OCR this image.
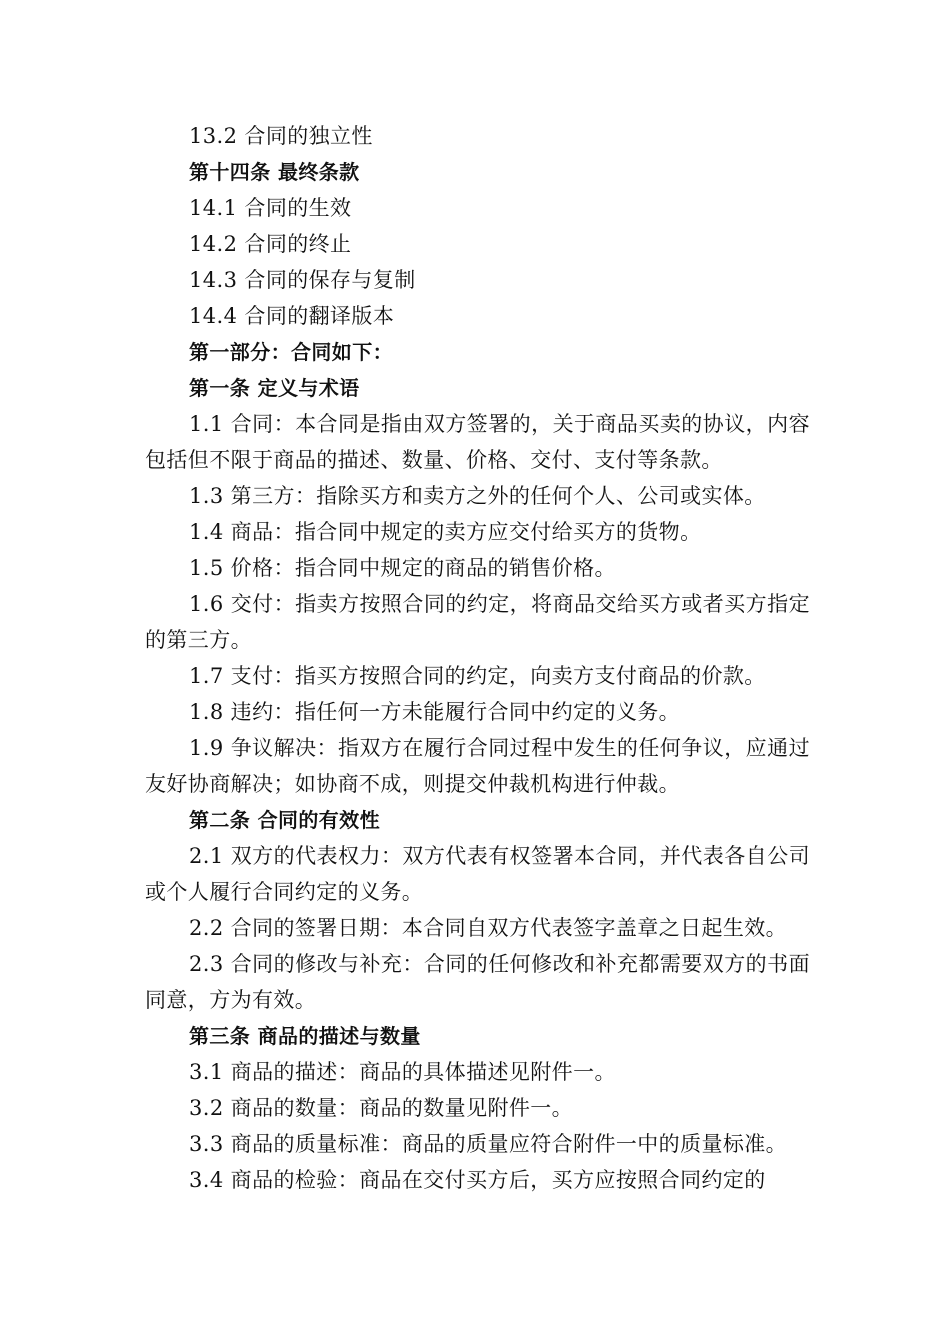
13.2 合同的独立性
第十四条 最终条款
14.1 合同的生效
14.2 合同的终止
14.3 合同的保存与复制
14.4 合同的翻译版本
第一部分：合同如下：
第一条 定义与术语
1.1 合同：本合同是指由双方签署的，关于商品买卖的协议，内容包括但不限于商品的描述、数量、价格、交付、支付等条款。
1.3 第三方：指除买方和卖方之外的任何个人、公司或实体。
1.4 商品：指合同中规定的卖方应交付给买方的货物。
1.5 价格：指合同中规定的商品的销售价格。
1.6 交付：指卖方按照合同的约定，将商品交给买方或者买方指定的第三方。
1.7 支付：指买方按照合同的约定，向卖方支付商品的价款。
1.8 违约：指任何一方未能履行合同中约定的义务。
1.9 争议解决：指双方在履行合同过程中发生的任何争议，应通过友好协商解决；如协商不成，则提交仲裁机构进行仲裁。
第二条 合同的有效性
2.1 双方的代表权力：双方代表有权签署本合同，并代表各自公司或个人履行合同约定的义务。
2.2 合同的签署日期：本合同自双方代表签字盖章之日起生效。
2.3 合同的修改与补充：合同的任何修改和补充都需要双方的书面同意，方为有效。
第三条 商品的描述与数量
3.1 商品的描述：商品的具体描述见附件一。
3.2 商品的数量：商品的数量见附件一。
3.3 商品的质量标准：商品的质量应符合附件一中的质量标准。
3.4 商品的检验：商品在交付买方后，买方应按照合同约定的
